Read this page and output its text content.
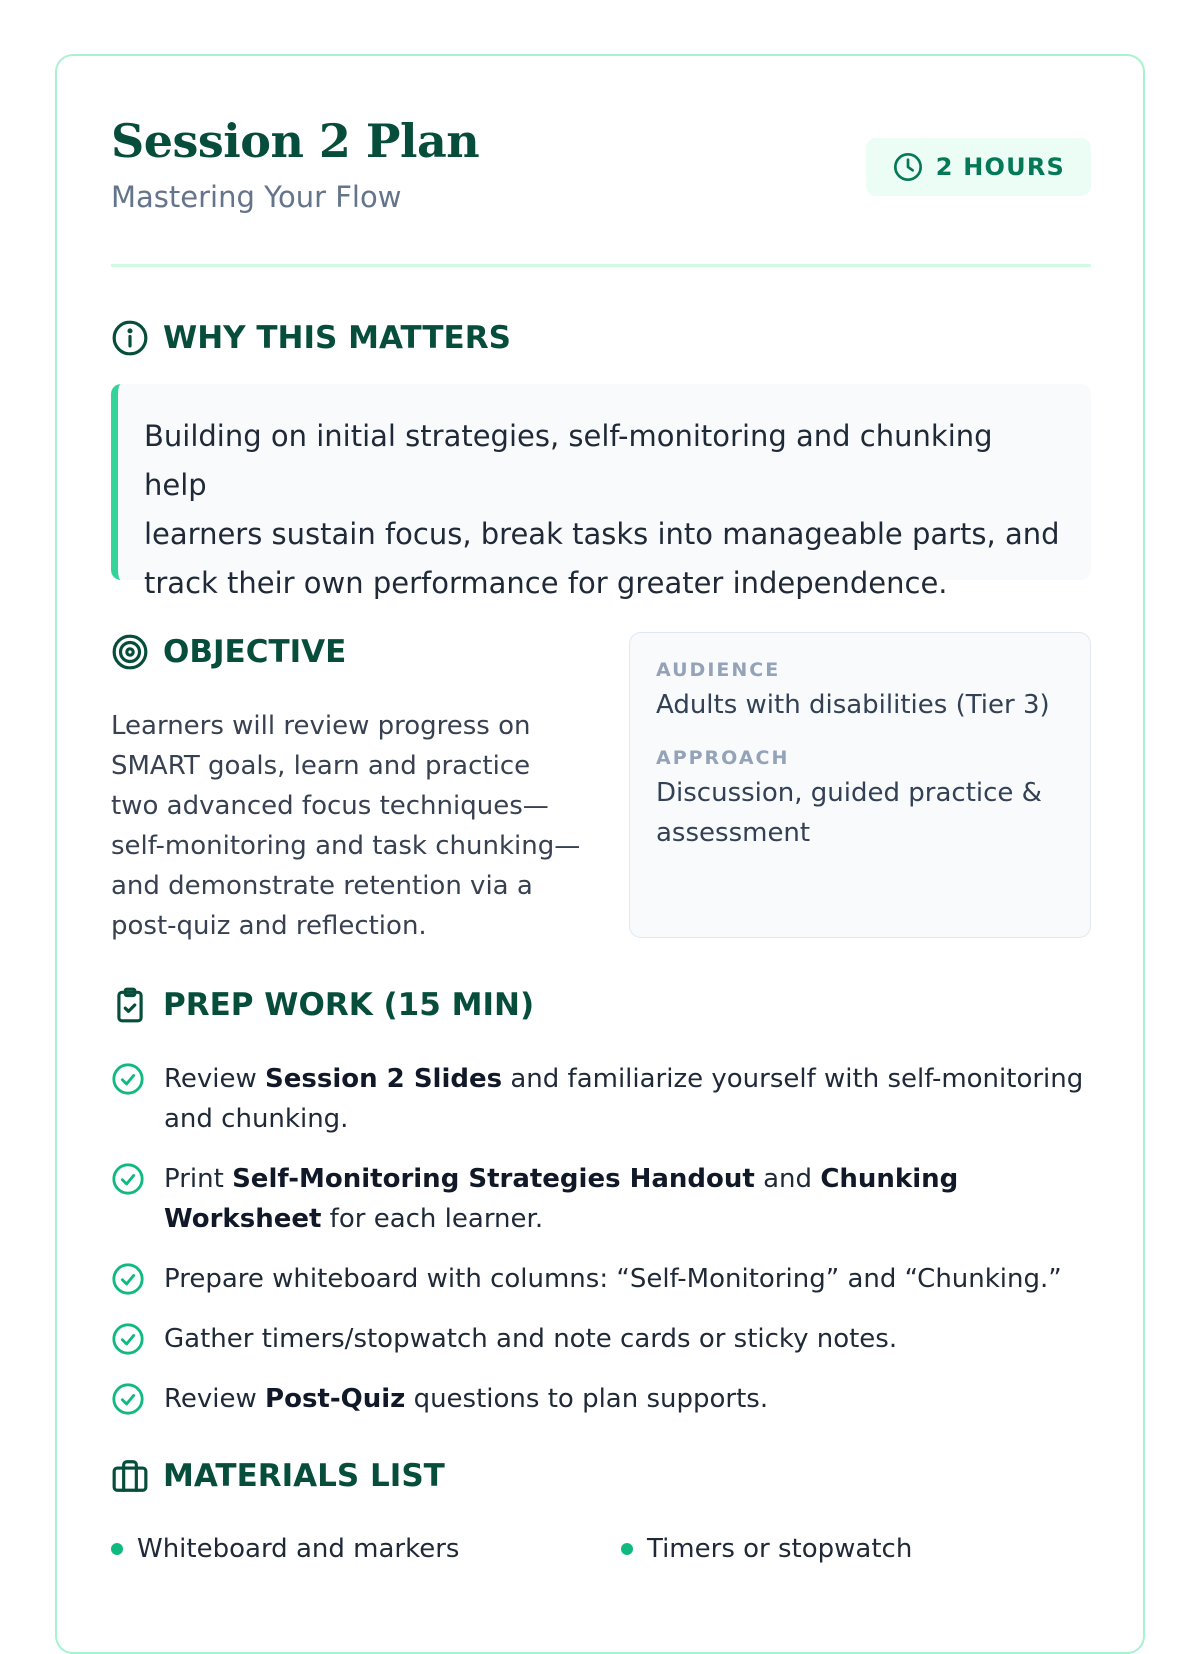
Session 2 Plan
Mastering Your Flow
2 HOURS
WHY THIS MATTERS
Building on initial strategies, self-monitoring and chunking help
learners sustain focus, break tasks into manageable parts, and
track their own performance for greater independence.
OBJECTIVE
Learners will review progress on
SMART goals, learn and practice
two advanced focus techniques—
self-monitoring and task chunking—
and demonstrate retention via a
post-quiz and reflection.
AUDIENCE
Adults with disabilities (Tier 3)
APPROACH
Discussion, guided practice &
assessment
PREP WORK (15 MIN)
Review Session 2 Slides and familiarize yourself with self-monitoring and chunking.
Print Self-Monitoring Strategies Handout and Chunking Worksheet for each learner.
Prepare whiteboard with columns: “Self-Monitoring” and “Chunking.”
Gather timers/stopwatch and note cards or sticky notes.
Review Post-Quiz questions to plan supports.
MATERIALS LIST
Whiteboard and markers	Timers or stopwatch
